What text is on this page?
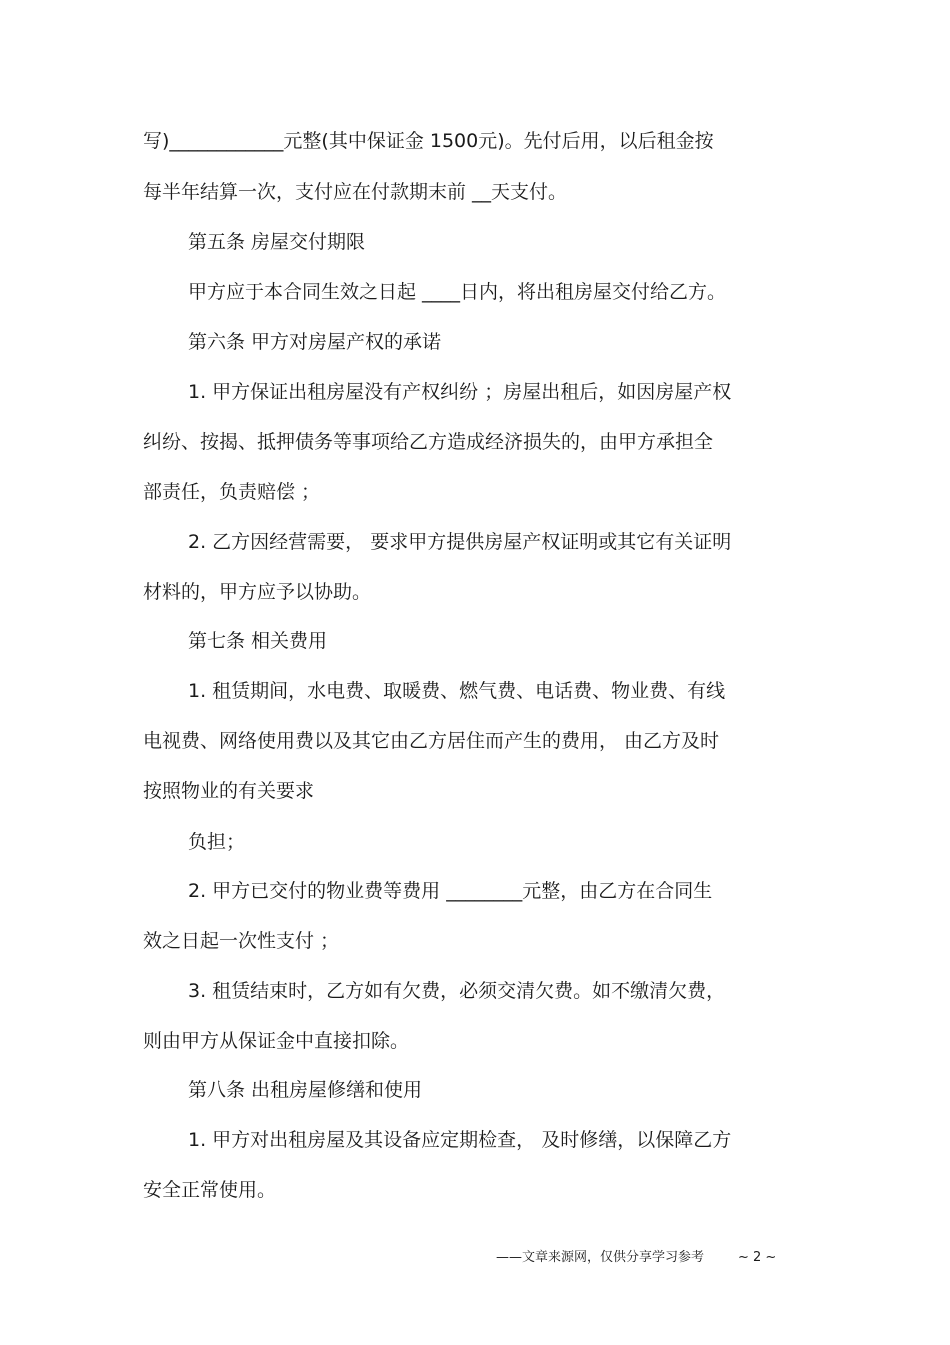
写)____________元整(其中保证金 1500元)。先付后用，以后租金按
每半年结算一次，支付应在付款期末前 __天支付。
第五条 房屋交付期限
甲方应于本合同生效之日起 ____日内，将出租房屋交付给乙方。
第六条 甲方对房屋产权的承诺
1. 甲方保证出租房屋没有产权纠纷 ；房屋出租后，如因房屋产权
纠纷、按揭、抵押债务等事项给乙方造成经济损失的，由甲方承担全
部责任，负责赔偿 ；
2. 乙方因经营需要， 要求甲方提供房屋产权证明或其它有关证明
材料的，甲方应予以协助。
第七条 相关费用
1. 租赁期间，水电费、取暖费、燃气费、电话费、物业费、有线
电视费、网络使用费以及其它由乙方居住而产生的费用， 由乙方及时
按照物业的有关要求
负担；
2. 甲方已交付的物业费等费用 ________元整，由乙方在合同生
效之日起一次性支付 ；
3. 租赁结束时，乙方如有欠费，必须交清欠费。如不缴清欠费，
则由甲方从保证金中直接扣除。
第八条 出租房屋修缮和使用
1. 甲方对出租房屋及其设备应定期检查， 及时修缮，以保障乙方
安全正常使用。
——文章来源网，仅供分享学习参考	~ 2 ~
